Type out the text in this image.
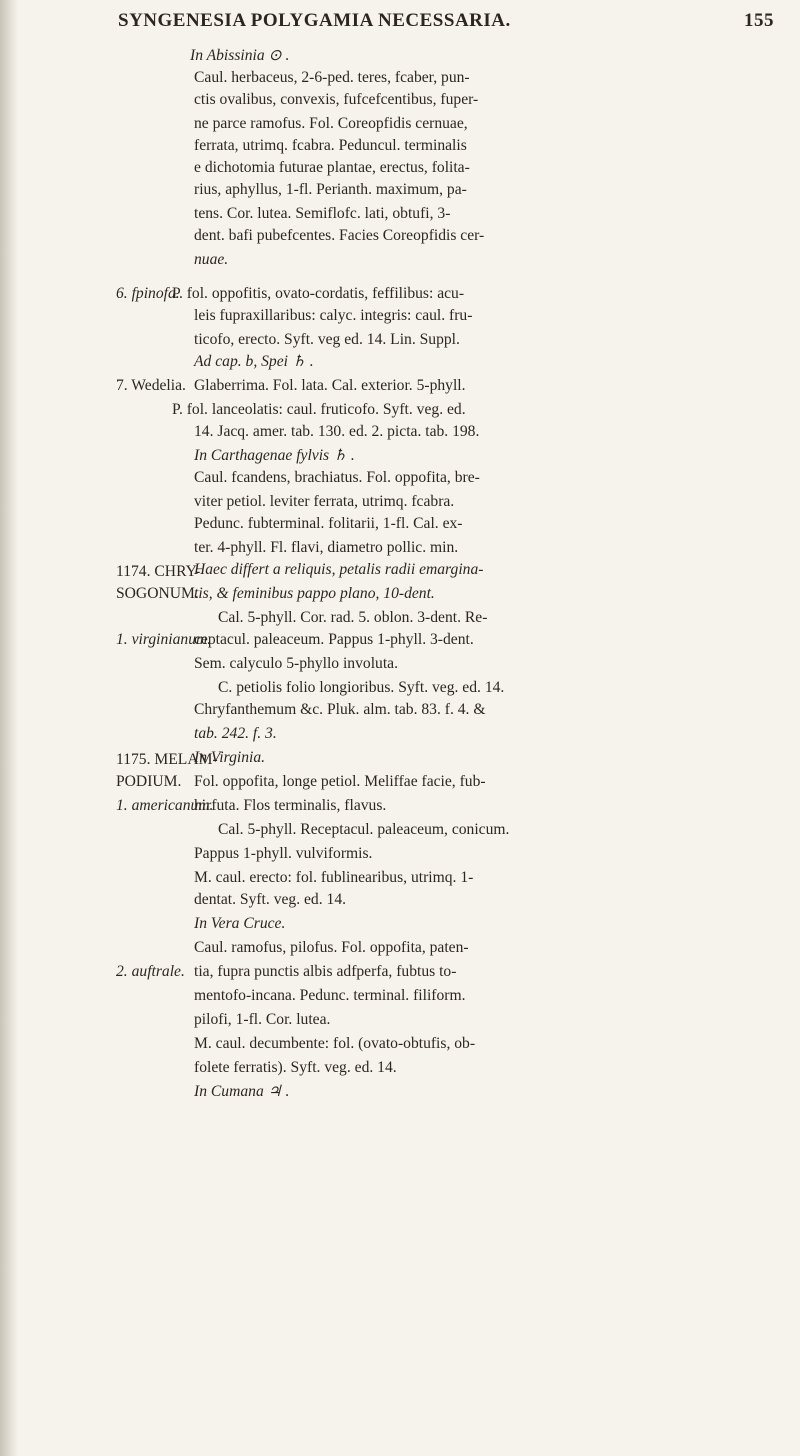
SYNGENESIA POLYGAMIA NECESSARIA.	155
6. fpinofa.
7. Wedelia.
1174. CHRY-
SOGONUM.
1. virginianum.
1175. MELAM-
PODIUM.
1. americanum.
2. auftrale.
In Abissinia ⊙ .
Caul. herbaceus, 2-6-ped. teres, fcaber, pun-
ctis ovalibus, convexis, fufcefcentibus, fuper-
ne parce ramofus. Fol. Coreopfidis cernuae,
ferrata, utrimq. fcabra. Peduncul. terminalis
e dichotomia futurae plantae, erectus, folita-
rius, aphyllus, 1-fl. Perianth. maximum, pa-
tens. Cor. lutea. Semiflofc. lati, obtufi, 3-
dent. bafi pubefcentes. Facies Coreopfidis cer-
nuae.
P. fol. oppofitis, ovato-cordatis, feffilibus: acu-
leis fupraxillaribus: calyc. integris: caul. fru-
ticofo, erecto. Syft. veg ed. 14. Lin. Suppl.
Ad cap. b, Spei ♄ .
Glaberrima. Fol. lata. Cal. exterior. 5-phyll.
P. fol. lanceolatis: caul. fruticofo. Syft. veg. ed.
14. Jacq. amer. tab. 130. ed. 2. picta. tab. 198.
In Carthagenae fylvis ♄ .
Caul. fcandens, brachiatus. Fol. oppofita, bre-
viter petiol. leviter ferrata, utrimq. fcabra.
Pedunc. fubterminal. folitarii, 1-fl. Cal. ex-
ter. 4-phyll. Fl. flavi, diametro pollic. min.
Haec differt a reliquis, petalis radii emargina-
tis, & feminibus pappo plano, 10-dent.
Cal. 5-phyll. Cor. rad. 5. oblon. 3-dent. Re-
ceptacul. paleaceum. Pappus 1-phyll. 3-dent.
Sem. calyculo 5-phyllo involuta.
C. petiolis folio longioribus. Syft. veg. ed. 14.
Chryfanthemum &c. Pluk. alm. tab. 83. f. 4. &
tab. 242. f. 3.
In Virginia.
Fol. oppofita, longe petiol. Meliffae facie, fub-
hirfuta. Flos terminalis, flavus.
Cal. 5-phyll. Receptacul. paleaceum, conicum.
Pappus 1-phyll. vulviformis.
M. caul. erecto: fol. fublinearibus, utrimq. 1-
dentat. Syft. veg. ed. 14.
In Vera Cruce.
Caul. ramofus, pilofus. Fol. oppofita, paten-
tia, fupra punctis albis adfperfa, fubtus to-
mentofo-incana. Pedunc. terminal. filiform.
pilofi, 1-fl. Cor. lutea.
M. caul. decumbente: fol. (ovato-obtufis, ob-
folete ferratis). Syft. veg. ed. 14.
In Cumana ♃ .
